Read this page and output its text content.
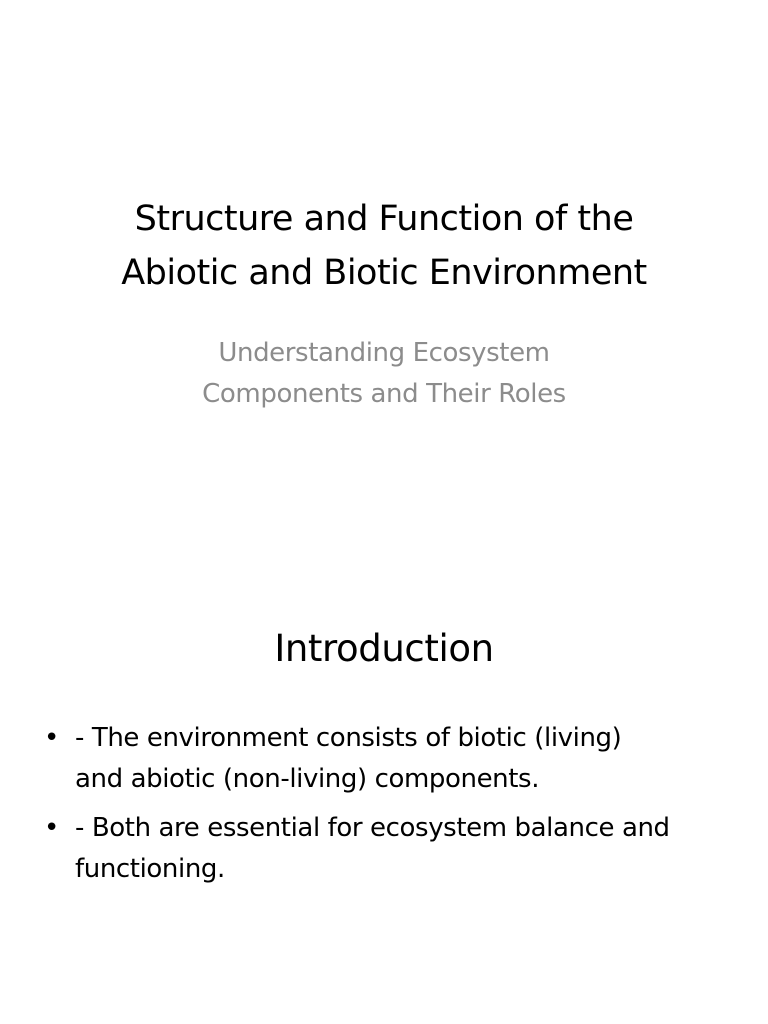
Structure and Function of the
Abiotic and Biotic Environment
Understanding Ecosystem
Components and Their Roles
Introduction
• - The environment consists of biotic (living)
and abiotic (non-living) components.
• - Both are essential for ecosystem balance and
functioning.
